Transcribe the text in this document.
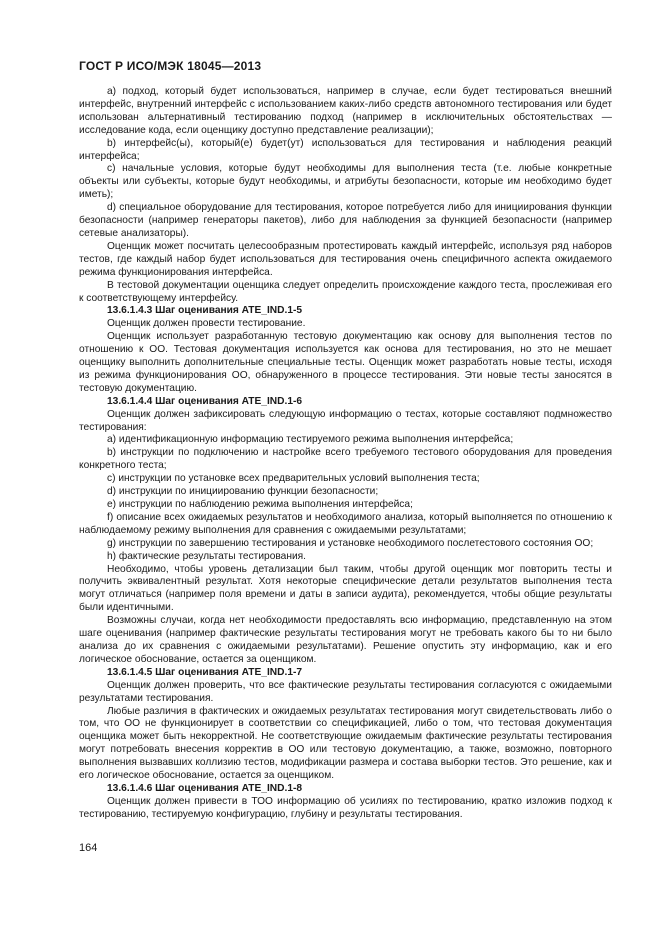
ГОСТ Р ИСО/МЭК 18045—2013
a) подход, который будет использоваться, например в случае, если будет тестироваться внешний интерфейс, внутренний интерфейс с использованием каких-либо средств автономного тестирования или будет использован альтернативный тестированию подход (например в исключительных обстоятельствах — исследование кода, если оценщику доступно представление реализации);
b) интерфейс(ы), который(е) будет(ут) использоваться для тестирования и наблюдения реакций интерфейса;
c) начальные условия, которые будут необходимы для выполнения теста (т.е. любые конкретные объекты или субъекты, которые будут необходимы, и атрибуты безопасности, которые им необходимо будет иметь);
d) специальное оборудование для тестирования, которое потребуется либо для инициирования функции безопасности (например генераторы пакетов), либо для наблюдения за функцией безопасности (например сетевые анализаторы).
Оценщик может посчитать целесообразным протестировать каждый интерфейс, используя ряд наборов тестов, где каждый набор будет использоваться для тестирования очень специфичного аспекта ожидаемого режима функционирования интерфейса.
В тестовой документации оценщика следует определить происхождение каждого теста, прослеживая его к соответствующему интерфейсу.
13.6.1.4.3 Шаг оценивания ATE_IND.1-5
Оценщик должен провести тестирование.
Оценщик использует разработанную тестовую документацию как основу для выполнения тестов по отношению к ОО. Тестовая документация используется как основа для тестирования, но это не мешает оценщику выполнить дополнительные специальные тесты. Оценщик может разработать новые тесты, исходя из режима функционирования ОО, обнаруженного в процессе тестирования. Эти новые тесты заносятся в тестовую документацию.
13.6.1.4.4 Шаг оценивания ATE_IND.1-6
Оценщик должен зафиксировать следующую информацию о тестах, которые составляют подмножество тестирования:
a) идентификационную информацию тестируемого режима выполнения интерфейса;
b) инструкции по подключению и настройке всего требуемого тестового оборудования для проведения конкретного теста;
c) инструкции по установке всех предварительных условий выполнения теста;
d) инструкции по инициированию функции безопасности;
e) инструкции по наблюдению режима выполнения интерфейса;
f) описание всех ожидаемых результатов и необходимого анализа, который выполняется по отношению к наблюдаемому режиму выполнения для сравнения с ожидаемыми результатами;
g) инструкции по завершению тестирования и установке необходимого послетестового состояния ОО;
h) фактические результаты тестирования.
Необходимо, чтобы уровень детализации был таким, чтобы другой оценщик мог повторить тесты и получить эквивалентный результат. Хотя некоторые специфические детали результатов выполнения теста могут отличаться (например поля времени и даты в записи аудита), рекомендуется, чтобы общие результаты были идентичными.
Возможны случаи, когда нет необходимости предоставлять всю информацию, представленную на этом шаге оценивания (например фактические результаты тестирования могут не требовать какого бы то ни было анализа до их сравнения с ожидаемыми результатами). Решение опустить эту информацию, как и его логическое обоснование, остается за оценщиком.
13.6.1.4.5 Шаг оценивания ATE_IND.1-7
Оценщик должен проверить, что все фактические результаты тестирования согласуются с ожидаемыми результатами тестирования.
Любые различия в фактических и ожидаемых результатах тестирования могут свидетельствовать либо о том, что ОО не функционирует в соответствии со спецификацией, либо о том, что тестовая документация оценщика может быть некорректной. Не соответствующие ожидаемым фактические результаты тестирования могут потребовать внесения корректив в ОО или тестовую документацию, а также, возможно, повторного выполнения вызвавших коллизию тестов, модификации размера и состава выборки тестов. Это решение, как и его логическое обоснование, остается за оценщиком.
13.6.1.4.6 Шаг оценивания ATE_IND.1-8
Оценщик должен привести в ТОО информацию об усилиях по тестированию, кратко изложив подход к тестированию, тестируемую конфигурацию, глубину и результаты тестирования.
164
